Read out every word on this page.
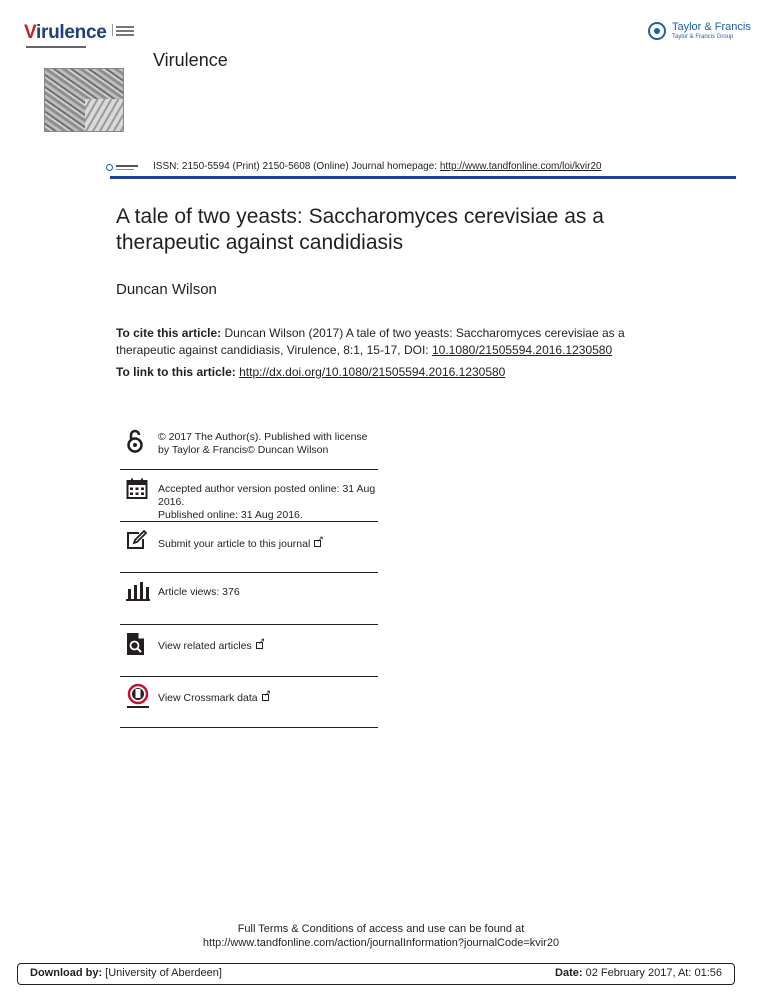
Virulence
Virulence
Taylor & Francis
Taylor & Francis Group
ISSN: 2150-5594 (Print) 2150-5608 (Online) Journal homepage: http://www.tandfonline.com/loi/kvir20
A tale of two yeasts: Saccharomyces cerevisiae as a therapeutic against candidiasis
Duncan Wilson
To cite this article: Duncan Wilson (2017) A tale of two yeasts: Saccharomyces cerevisiae as a therapeutic against candidiasis, Virulence, 8:1, 15-17, DOI: 10.1080/21505594.2016.1230580
To link to this article: http://dx.doi.org/10.1080/21505594.2016.1230580
© 2017 The Author(s). Published with license by Taylor & Francis© Duncan Wilson
Accepted author version posted online: 31 Aug 2016.
Published online: 31 Aug 2016.
Submit your article to this journal↗
Article views: 376
View related articles↗
View Crossmark data↗
Full Terms & Conditions of access and use can be found at
http://www.tandfonline.com/action/journalInformation?journalCode=kvir20
Download by: [University of Aberdeen]	Date: 02 February 2017, At: 01:56
